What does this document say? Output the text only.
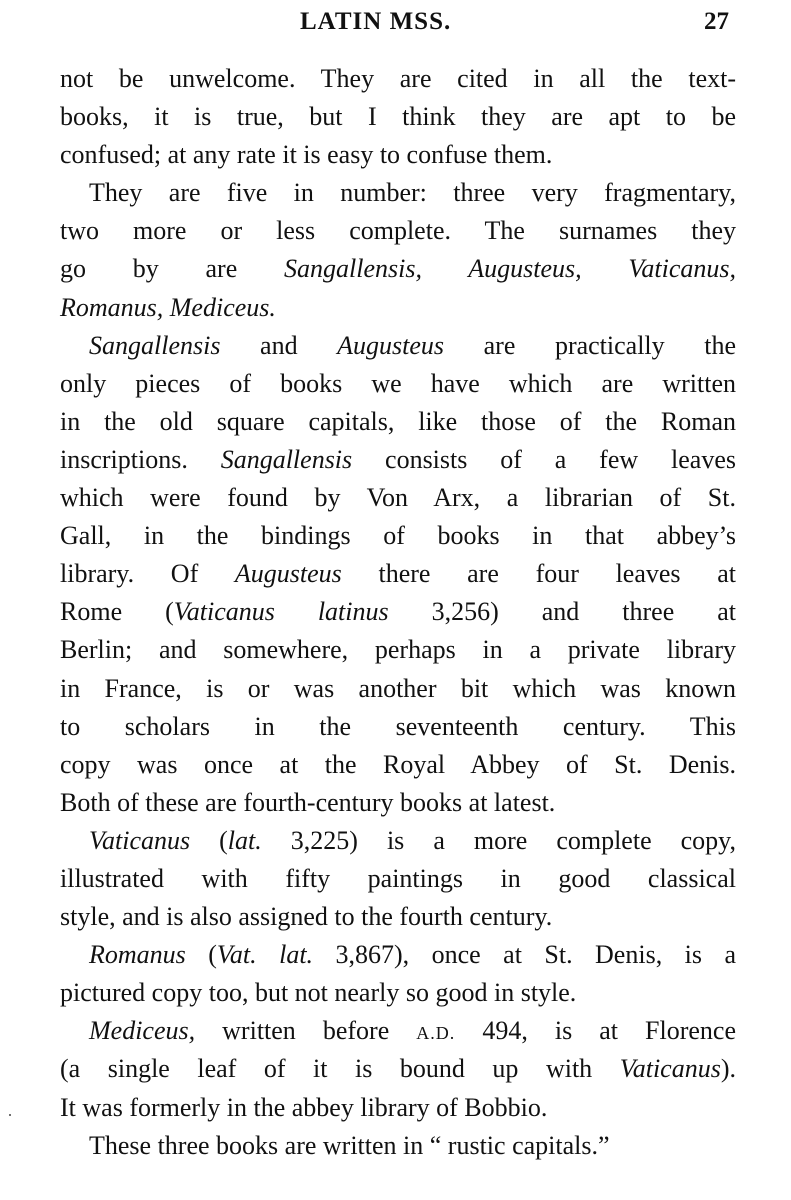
LATIN MSS.	27
not be unwelcome. They are cited in all the text-
books, it is true, but I think they are apt to be
confused; at any rate it is easy to confuse them.
They are five in number: three very fragmentary,
two more or less complete. The surnames they
go by are Sangallensis, Augusteus, Vaticanus,
Romanus, Mediceus.
Sangallensis and Augusteus are practically the
only pieces of books we have which are written
in the old square capitals, like those of the Roman
inscriptions. Sangallensis consists of a few leaves
which were found by Von Arx, a librarian of St.
Gall, in the bindings of books in that abbey’s
library. Of Augusteus there are four leaves at
Rome (Vaticanus latinus 3,256) and three at
Berlin; and somewhere, perhaps in a private library
in France, is or was another bit which was known
to scholars in the seventeenth century. This
copy was once at the Royal Abbey of St. Denis.
Both of these are fourth-century books at latest.
Vaticanus (lat. 3,225) is a more complete copy,
illustrated with fifty paintings in good classical
style, and is also assigned to the fourth century.
Romanus (Vat. lat. 3,867), once at St. Denis, is a
pictured copy too, but not nearly so good in style.
Mediceus, written before A.D. 494, is at Florence
(a single leaf of it is bound up with Vaticanus).
It was formerly in the abbey library of Bobbio.
These three books are written in “ rustic capitals.”
